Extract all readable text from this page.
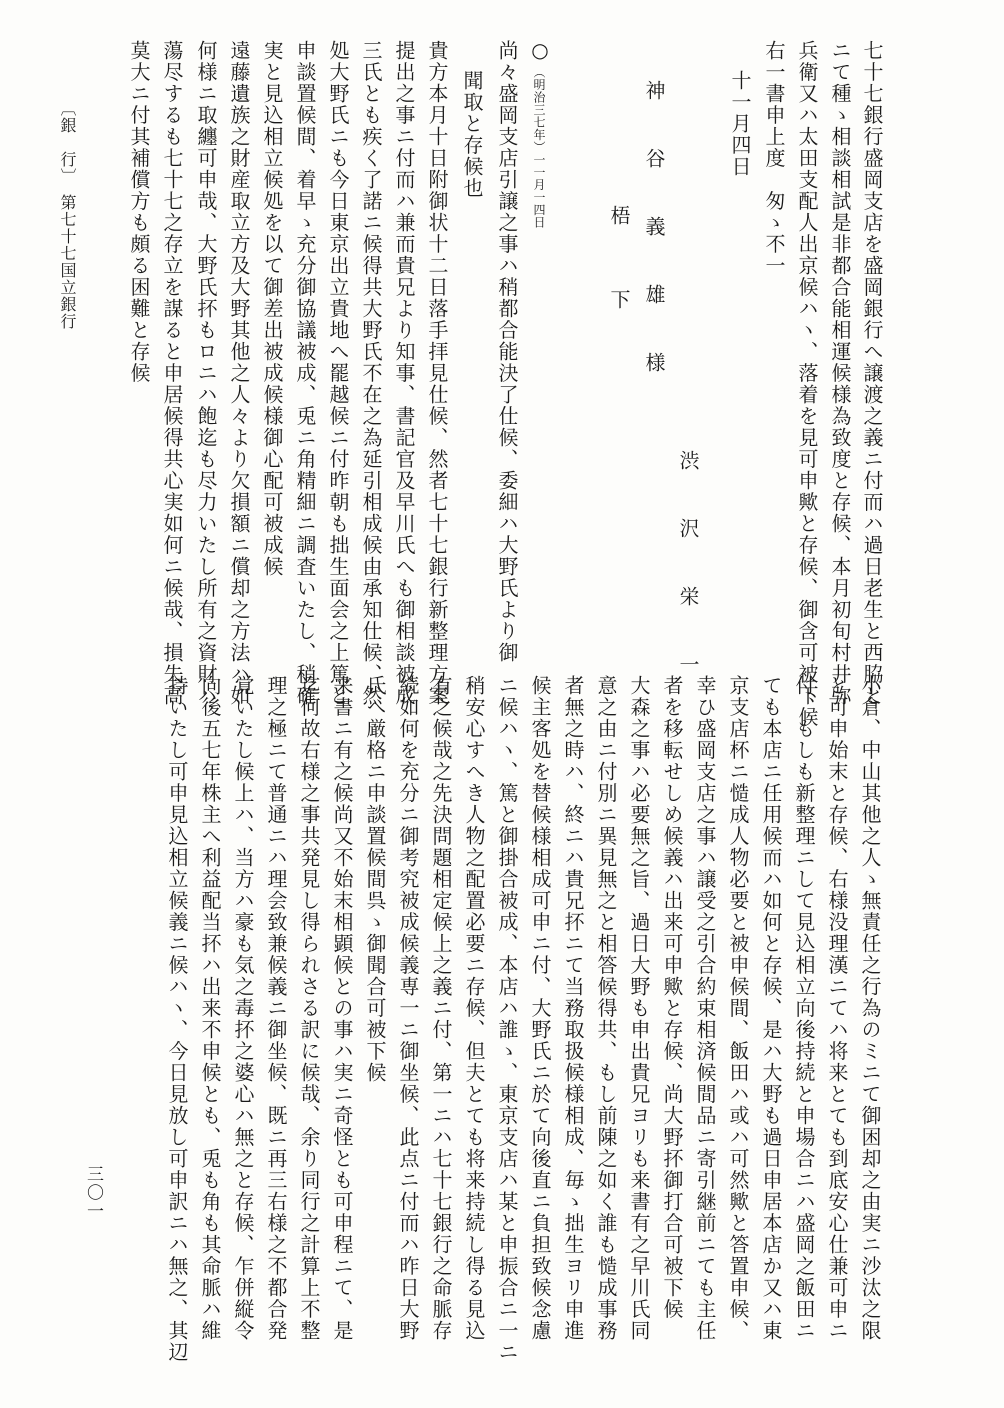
七十七銀行盛岡支店を盛岡銀行へ譲渡之義ニ付而ハ過日老生と西脇と
ニて種ゝ相談相試是非都合能相運候様為致度と存候、本月初旬村井弥
兵衛又ハ太田支配人出京候ハヽ、落着を見可申歟と存候、御含可被下候
右一書申上度　匆ゝ不一
十一月四日
渋　沢　栄　一
神　谷　義　雄　様
梧　下
尚々盛岡支店引譲之事ハ稍都合能決了仕候、委細ハ大野氏より御
聞取と存候也
○
（明治三七年）一一月一四日
貴方本月十日附御状十二日落手拝見仕候、然者七十七銀行新整理方案
提出之事ニ付而ハ兼而貴兄より知事、書記官及早川氏へも御相談被成
三氏とも疾く了諾ニ候得共大野氏不在之為延引相成候由承知仕候、然
処大野氏ニも今日東京出立貴地へ罷越候ニ付昨朝も拙生面会之上篤と
申談置候間、着早ゝ充分御協議被成、兎ニ角精細ニ調査いたし、稍確
実と見込相立候処を以て御差出被成候様御心配可被成候
遠藤遺族之財産取立方及大野其他之人々より欠損額ニ償却之方法ハ如
何様ニ取纏可申哉、大野氏抔もロニハ飽迄も尽力いたし所有之資財ハ
蕩尽するも七十七之存立を謀ると申居候得共心実如何ニ候哉、損失高
莫大ニ付其補償方も頗る困難と存候
〔銀　行〕　第七十七国立銀行
小倉、中山其他之人ゝ無責任之行為のミニて御困却之由実ニ沙汰之限
と可申始末と存候、右様没理漢ニてハ将来とても到底安心仕兼可申ニ
付、もしも新整理ニして見込相立向後持続と申場合ニハ盛岡之飯田ニ
ても本店ニ任用候而ハ如何と存候、是ハ大野も過日申居本店か又ハ東
京支店杯ニ慥成人物必要と被申候間、飯田ハ或ハ可然歟と答置申候、
幸ひ盛岡支店之事ハ譲受之引合約束相済候間品ニ寄引継前ニても主任
者を移転せしめ候義ハ出来可申歟と存候、尚大野抔御打合可被下候
大森之事ハ必要無之旨、過日大野も申出貴兄ヨリも来書有之早川氏同
意之由ニ付別ニ異見無之と相答候得共、もし前陳之如く誰も慥成事務
者無之時ハ、終ニハ貴兄抔ニて当務取扱候様相成、毎ゝ拙生ヨリ申進
候主客処を替候様相成可申ニ付、大野氏ニ於て向後直ニ負担致候念慮
ニ候ハヽ、篤と御掛合被成、本店ハ誰ゝ、東京支店ハ某と申振合ニ一ニ
稍安心すへき人物之配置必要ニ存候、但夫とても将来持続し得る見込
有之候哉之先決問題相定候上之義ニ付、第一ニハ七十七銀行之命脈存
続如何を充分ニ御考究被成候義専一ニ御坐候、此点ニ付而ハ昨日大野
氏へ厳格ニ申談置候間呉ゝ御聞合可被下候
来書ニ有之候尚又不始末相顕候との事ハ実ニ奇怪とも可申程ニて、是
迄何故右様之事共発見し得られさる訳に候哉、余り同行之計算上不整
理之極ニて普通ニハ理会致兼候義ニ御坐候、既ニ再三右様之不都合発
覚いたし候上ハ、当方ハ豪も気之毒抔之婆心ハ無之と存候、乍併縦令
向後五七年株主へ利益配当抔ハ出来不申候とも、兎も角も其命脈ハ維
持いたし可申見込相立候義ニ候ハヽ、今日見放し可申訳ニハ無之、其辺
三〇一
